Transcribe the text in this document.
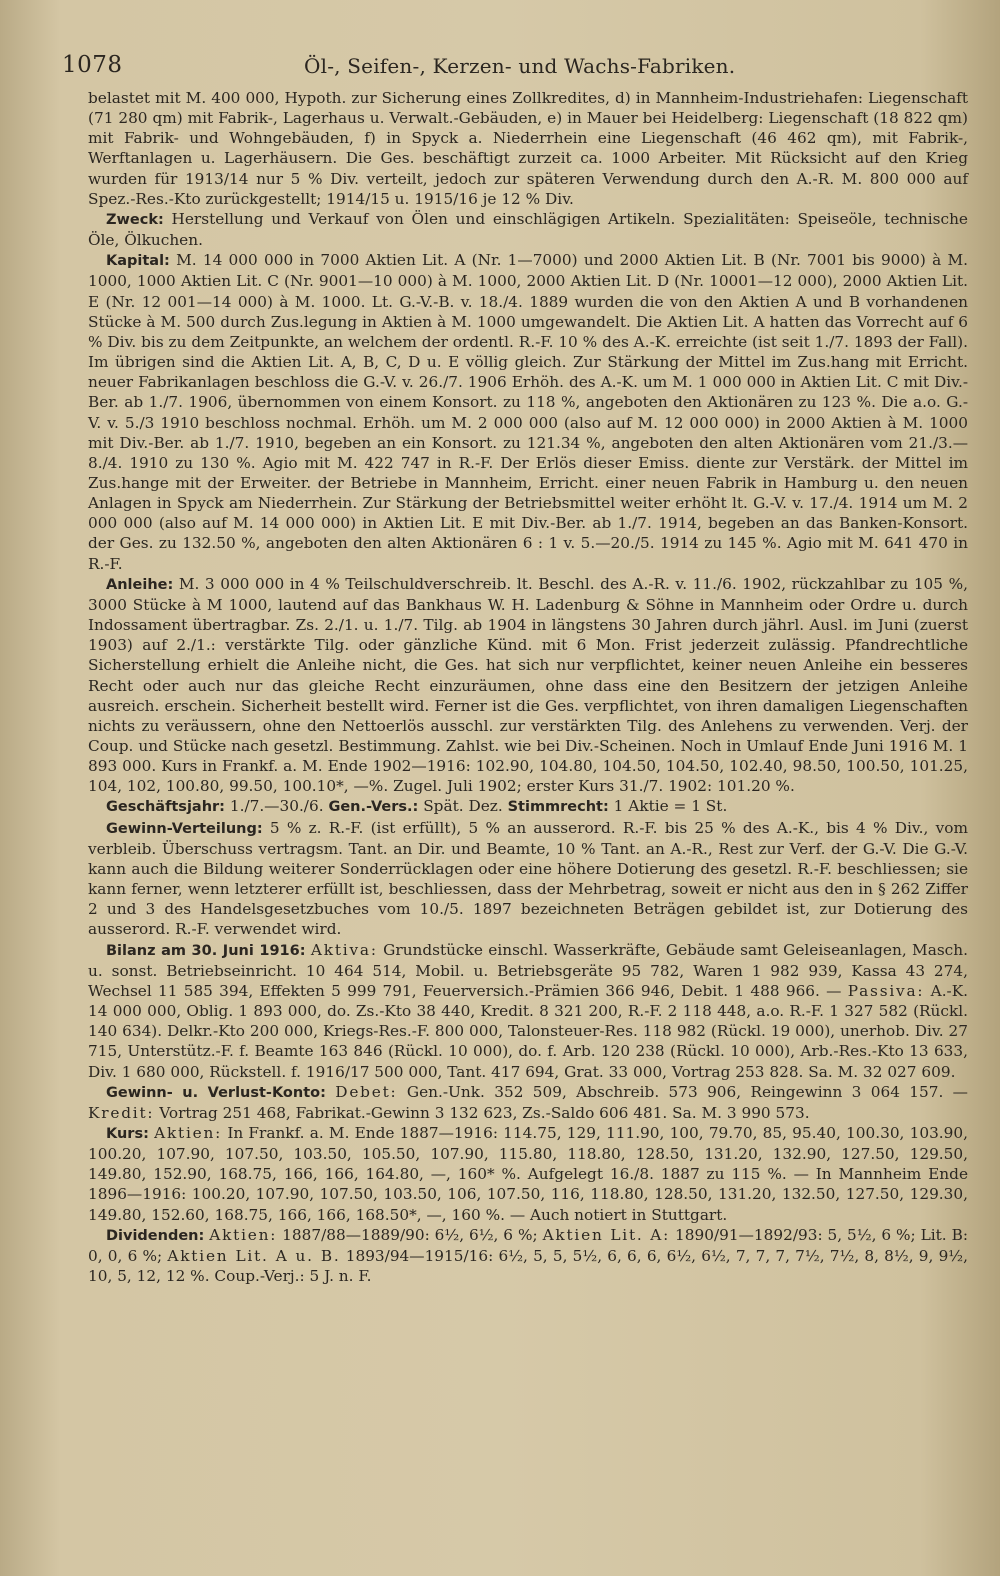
1078	Öl-, Seifen-, Kerzen- und Wachs-Fabriken.

belastet mit M. 400 000, Hypoth. zur Sicherung eines Zollkredites, d) in Mannheim-Industriehafen: Liegenschaft (71 280 qm) mit Fabrik-, Lagerhaus u. Verwalt.-Gebäuden, e) in Mauer bei Heidelberg: Liegenschaft (18 822 qm) mit Fabrik- und Wohngebäuden, f) in Spyck a. Niederrhein eine Liegenschaft (46 462 qm), mit Fabrik-, Werftanlagen u. Lagerhäusern. Die Ges. beschäftigt zurzeit ca. 1000 Arbeiter. Mit Rücksicht auf den Krieg wurden für 1913/14 nur 5 % Div. verteilt, jedoch zur späteren Verwendung durch den A.-R. M. 800 000 auf Spez.-Res.-Kto zurückgestellt; 1914/15 u. 1915/16 je 12 % Div.

Zweck: Herstellung und Verkauf von Ölen und einschlägigen Artikeln. Spezialitäten: Speiseöle, technische Öle, Ölkuchen.

Kapital: M. 14 000 000 in 7000 Aktien Lit. A (Nr. 1—7000) und 2000 Aktien Lit. B (Nr. 7001 bis 9000) à M. 1000, 1000 Aktien Lit. C (Nr. 9001—10 000) à M. 1000, 2000 Aktien Lit. D (Nr. 10001—12 000), 2000 Aktien Lit. E (Nr. 12 001—14 000) à M. 1000. Lt. G.-V.-B. v. 18./4. 1889 wurden die von den Aktien A und B vorhandenen Stücke à M. 500 durch Zus.legung in Aktien à M. 1000 umgewandelt. Die Aktien Lit. A hatten das Vorrecht auf 6 % Div. bis zu dem Zeitpunkte, an welchem der ordentl. R.-F. 10 % des A.-K. erreichte (ist seit 1./7. 1893 der Fall). Im übrigen sind die Aktien Lit. A, B, C, D u. E völlig gleich. Zur Stärkung der Mittel im Zus.hang mit Erricht. neuer Fabrikanlagen beschloss die G.-V. v. 26./7. 1906 Erhöh. des A.-K. um M. 1 000 000 in Aktien Lit. C mit Div.-Ber. ab 1./7. 1906, übernommen von einem Konsort. zu 118 %, angeboten den Aktionären zu 123 %. Die a.o. G.-V. v. 5./3 1910 beschloss nochmal. Erhöh. um M. 2 000 000 (also auf M. 12 000 000) in 2000 Aktien à M. 1000 mit Div.-Ber. ab 1./7. 1910, begeben an ein Konsort. zu 121.34 %, angeboten den alten Aktionären vom 21./3.—8./4. 1910 zu 130 %. Agio mit M. 422 747 in R.-F. Der Erlös dieser Emiss. diente zur Verstärk. der Mittel im Zus.hange mit der Erweiter. der Betriebe in Mannheim, Erricht. einer neuen Fabrik in Hamburg u. den neuen Anlagen in Spyck am Niederrhein. Zur Stärkung der Betriebsmittel weiter erhöht lt. G.-V. v. 17./4. 1914 um M. 2 000 000 (also auf M. 14 000 000) in Aktien Lit. E mit Div.-Ber. ab 1./7. 1914, begeben an das Banken-Konsort. der Ges. zu 132.50 %, angeboten den alten Aktionären 6 : 1 v. 5.—20./5. 1914 zu 145 %. Agio mit M. 641 470 in R.-F.

Anleihe: M. 3 000 000 in 4 % Teilschuldverschreib. lt. Beschl. des A.-R. v. 11./6. 1902, rückzahlbar zu 105 %, 3000 Stücke à M 1000, lautend auf das Bankhaus W. H. Ladenburg & Söhne in Mannheim oder Ordre u. durch Indossament übertragbar. Zs. 2./1. u. 1./7. Tilg. ab 1904 in längstens 30 Jahren durch jährl. Ausl. im Juni (zuerst 1903) auf 2./1.: verstärkte Tilg. oder gänzliche Künd. mit 6 Mon. Frist jederzeit zulässig. Pfandrechtliche Sicherstellung erhielt die Anleihe nicht, die Ges. hat sich nur verpflichtet, keiner neuen Anleihe ein besseres Recht oder auch nur das gleiche Recht einzuräumen, ohne dass eine den Besitzern der jetzigen Anleihe ausreich. erschein. Sicherheit bestellt wird. Ferner ist die Ges. verpflichtet, von ihren damaligen Liegenschaften nichts zu veräussern, ohne den Nettoerlös ausschl. zur verstärkten Tilg. des Anlehens zu verwenden. Verj. der Coup. und Stücke nach gesetzl. Bestimmung. Zahlst. wie bei Div.-Scheinen. Noch in Umlauf Ende Juni 1916 M. 1 893 000. Kurs in Frankf. a. M. Ende 1902—1916: 102.90, 104.80, 104.50, 104.50, 102.40, 98.50, 100.50, 101.25, 104, 102, 100.80, 99.50, 100.10*, —%. Zugel. Juli 1902; erster Kurs 31./7. 1902: 101.20 %.

Geschäftsjahr: 1./7.—30./6. Gen.-Vers.: Spät. Dez. Stimmrecht: 1 Aktie = 1 St.

Gewinn-Verteilung: 5 % z. R.-F. (ist erfüllt), 5 % an ausserord. R.-F. bis 25 % des A.-K., bis 4 % Div., vom verbleib. Überschuss vertragsm. Tant. an Dir. und Beamte, 10 % Tant. an A.-R., Rest zur Verf. der G.-V. Die G.-V. kann auch die Bildung weiterer Sonderrücklagen oder eine höhere Dotierung des gesetzl. R.-F. beschliessen; sie kann ferner, wenn letzterer erfüllt ist, beschliessen, dass der Mehrbetrag, soweit er nicht aus den in § 262 Ziffer 2 und 3 des Handelsgesetzbuches vom 10./5. 1897 bezeichneten Beträgen gebildet ist, zur Dotierung des ausserord. R.-F. verwendet wird.

Bilanz am 30. Juni 1916: Aktiva: Grundstücke einschl. Wasserkräfte, Gebäude samt Geleiseanlagen, Masch. u. sonst. Betriebseinricht. 10 464 514, Mobil. u. Betriebsgeräte 95 782, Waren 1 982 939, Kassa 43 274, Wechsel 11 585 394, Effekten 5 999 791, Feuerversich.-Prämien 366 946, Debit. 1 488 966. — Passiva: A.-K. 14 000 000, Oblig. 1 893 000, do. Zs.-Kto 38 440, Kredit. 8 321 200, R.-F. 2 118 448, a.o. R.-F. 1 327 582 (Rückl. 140 634). Delkr.-Kto 200 000, Kriegs-Res.-F. 800 000, Talonsteuer-Res. 118 982 (Rückl. 19 000), unerhob. Div. 27 715, Unterstütz.-F. f. Beamte 163 846 (Rückl. 10 000), do. f. Arb. 120 238 (Rückl. 10 000), Arb.-Res.-Kto 13 633, Div. 1 680 000, Rückstell. f. 1916/17 500 000, Tant. 417 694, Grat. 33 000, Vortrag 253 828. Sa. M. 32 027 609.

Gewinn- u. Verlust-Konto: Debet: Gen.-Unk. 352 509, Abschreib. 573 906, Reingewinn 3 064 157. — Kredit: Vortrag 251 468, Fabrikat.-Gewinn 3 132 623, Zs.-Saldo 606 481. Sa. M. 3 990 573.

Kurs: Aktien: In Frankf. a. M. Ende 1887—1916: 114.75, 129, 111.90, 100, 79.70, 85, 95.40, 100.30, 103.90, 100.20, 107.90, 107.50, 103.50, 105.50, 107.90, 115.80, 118.80, 128.50, 131.20, 132.90, 127.50, 129.50, 149.80, 152.90, 168.75, 166, 166, 164.80, —, 160* %. Aufgelegt 16./8. 1887 zu 115 %. — In Mannheim Ende 1896—1916: 100.20, 107.90, 107.50, 103.50, 106, 107.50, 116, 118.80, 128.50, 131.20, 132.50, 127.50, 129.30, 149.80, 152.60, 168.75, 166, 166, 168.50*, —, 160 %. — Auch notiert in Stuttgart.

Dividenden: Aktien: 1887/88—1889/90: 6½, 6½, 6 %; Aktien Lit. A: 1890/91—1892/93: 5, 5½, 6 %; Lit. B: 0, 0, 6 %; Aktien Lit. A u. B. 1893/94—1915/16: 6½, 5, 5, 5½, 6, 6, 6, 6½, 6½, 7, 7, 7, 7½, 7½, 8, 8½, 9, 9½, 10, 5, 12, 12 %. Coup.-Verj.: 5 J. n. F.
